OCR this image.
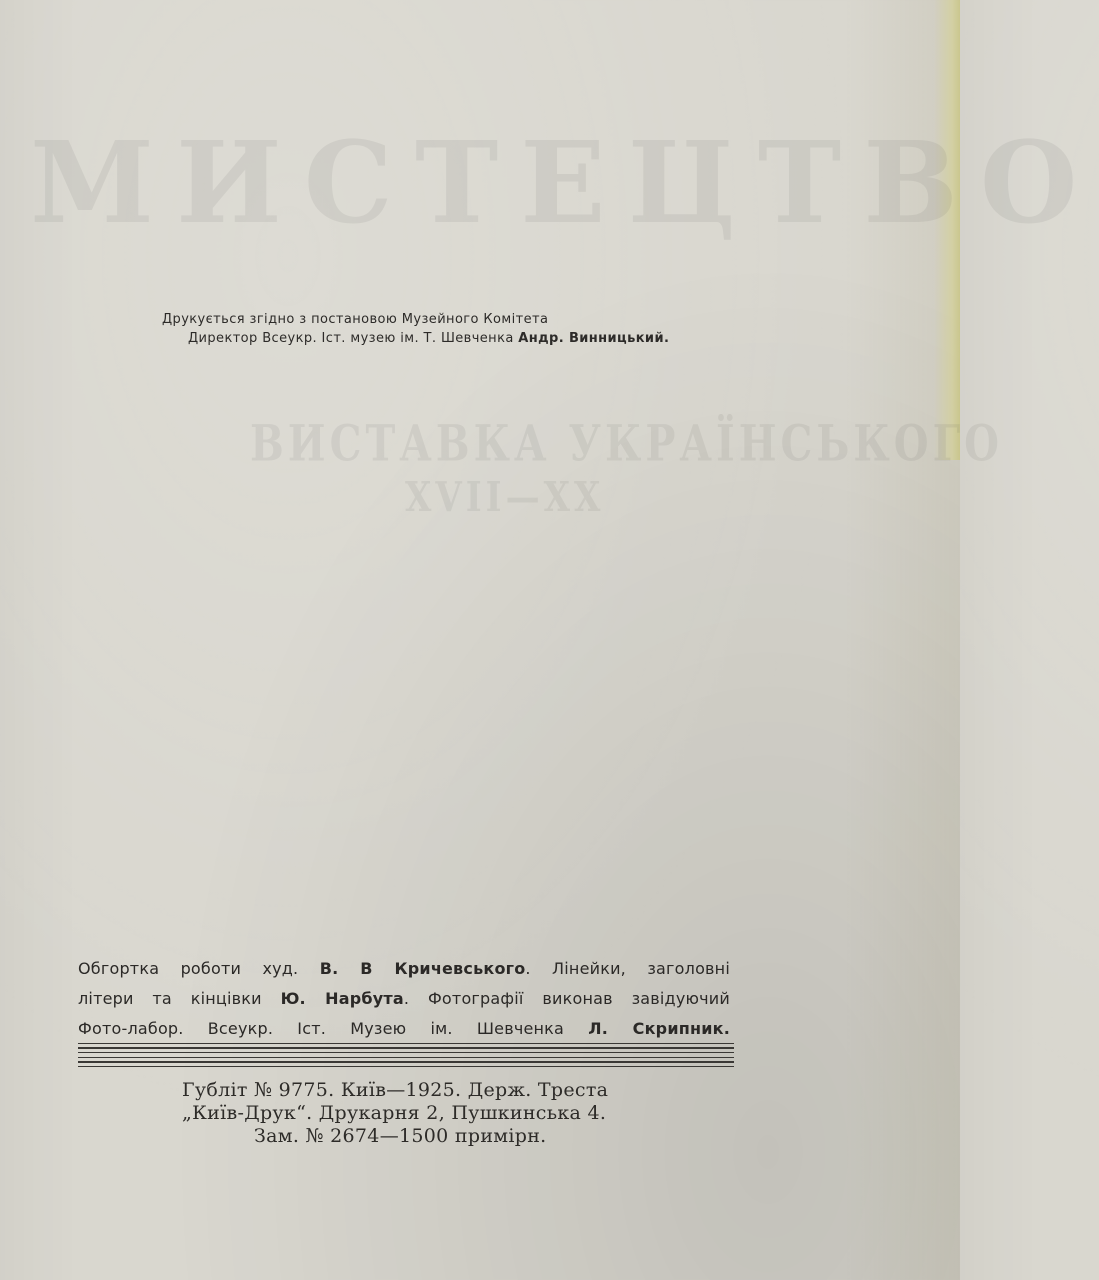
МИСТЕЦТВО
ВИСТАВКА УКРАЇНСЬКОГО
XVII—XX
Друкується згідно з постановою Музейного Комітета
Директор Всеукр. Іст. музею ім. Т. Шевченка Андр. Винницький.
Обгортка роботи худ. В. В Кричевського. Лінейки, заголовні
літери та кінцівки Ю. Нарбута. Фотографії виконав завідуючий
Фото-лабор. Всеукр. Іст. Музею ім. Шевченка Л. Скрипник.
Гублiт № 9775. Київ—1925. Держ. Треста
„Київ-Друк“. Друкарня 2, Пушкинська 4.
Зам. № 2674—1500 примірн.
